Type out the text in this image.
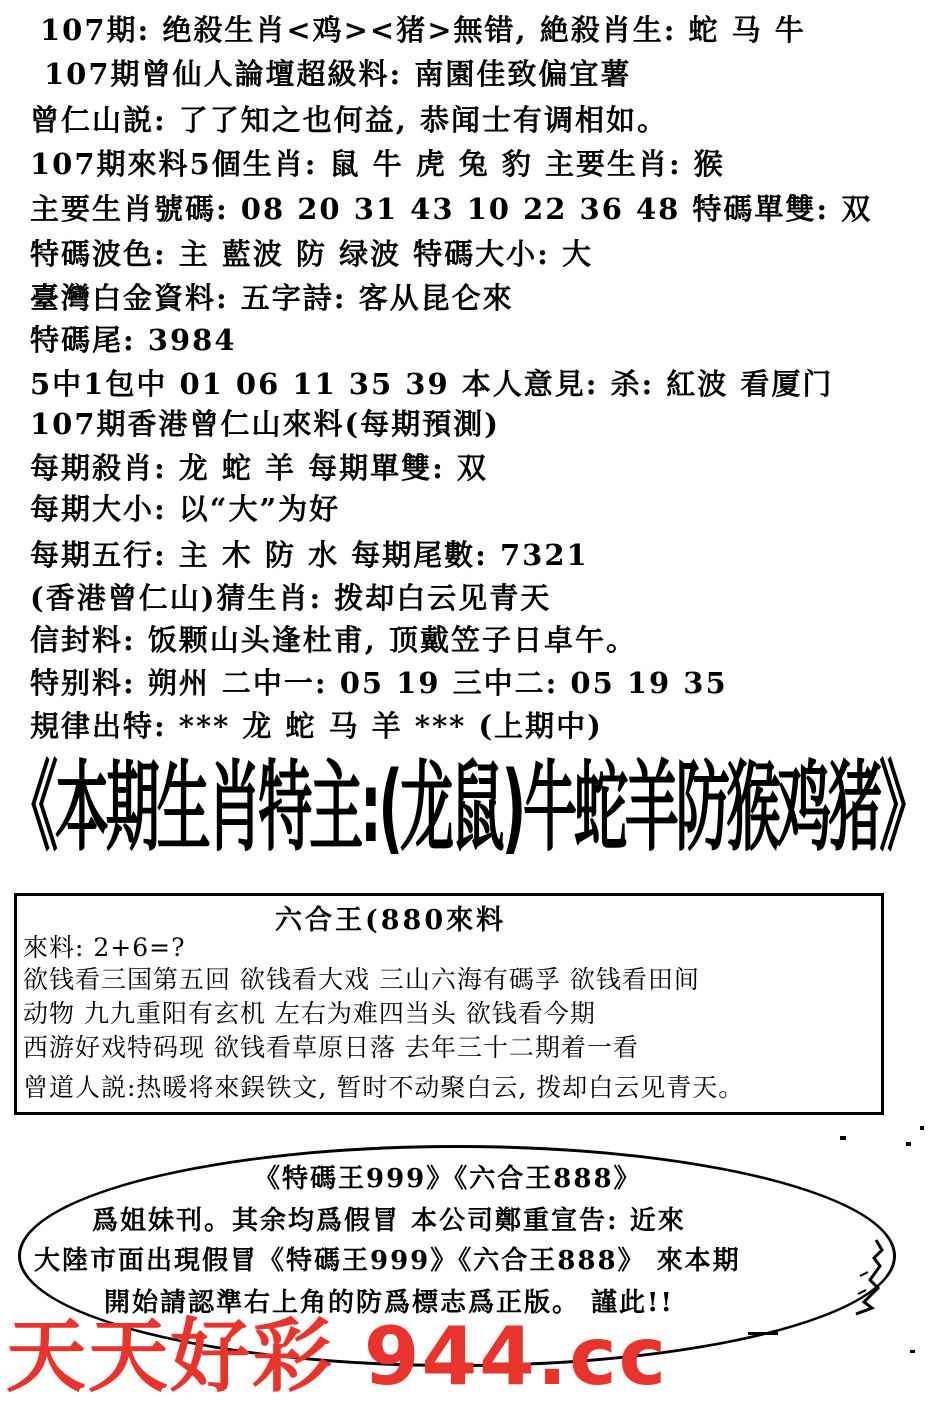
107期: 绝殺生肖<鸡><猪>無错, 絶殺肖生: 蛇 马 牛
107期曾仙人論壇超級料: 南園佳致偏宜薯
曾仁山説: 了了知之也何益, 恭闻士有调相如。
107期來料5個生肖: 鼠 牛 虎 兔 豹 主要生肖: 猴
主要生肖號碼: 08 20 31 43 10 22 36 48 特碼單雙: 双
特碼波色: 主 藍波 防 绿波 特碼大小: 大
臺灣白金資料: 五字詩: 客从昆仑來
特碼尾: 3984
5中1包中 01 06 11 35 39 本人意見: 杀: 紅波 看厦门
107期香港曾仁山來料(每期預測)
每期殺肖: 龙 蛇 羊 每期單雙: 双
每期大小: 以“大”为好
每期五行: 主 木 防 水 每期尾數: 7321
(香港曾仁山)猜生肖: 拨却白云见青天
信封料: 饭颗山头逢杜甫, 顶戴笠子日卓午。
特别料: 朔州 二中一: 05 19 三中二: 05 19 35
規律出特: *** 龙 蛇 马 羊 *** (上期中)
《本期生肖特主:(龙鼠)牛蛇羊防猴鸡猪》
六合王(880來料
來料: 2+6=?
欲钱看三国第五回 欲钱看大戏 三山六海有碼孚 欲钱看田间
动物 九九重阳有玄机 左右为难四当头 欲钱看今期
西游好戏特码现 欲钱看草原日落 去年三十二期着一看
曾道人説:热暖将來鋘铁文, 暂时不动聚白云, 拨却白云见青天。
《特碼王999》《六合王888》
爲姐妹刊。其余均爲假冒 本公司鄭重宣告: 近來
大陸市面出現假冒《特碼王999》《六合王888》 來本期
開始請認準右上角的防爲標志爲正版。 謹此!!
天天好彩 944.cc
